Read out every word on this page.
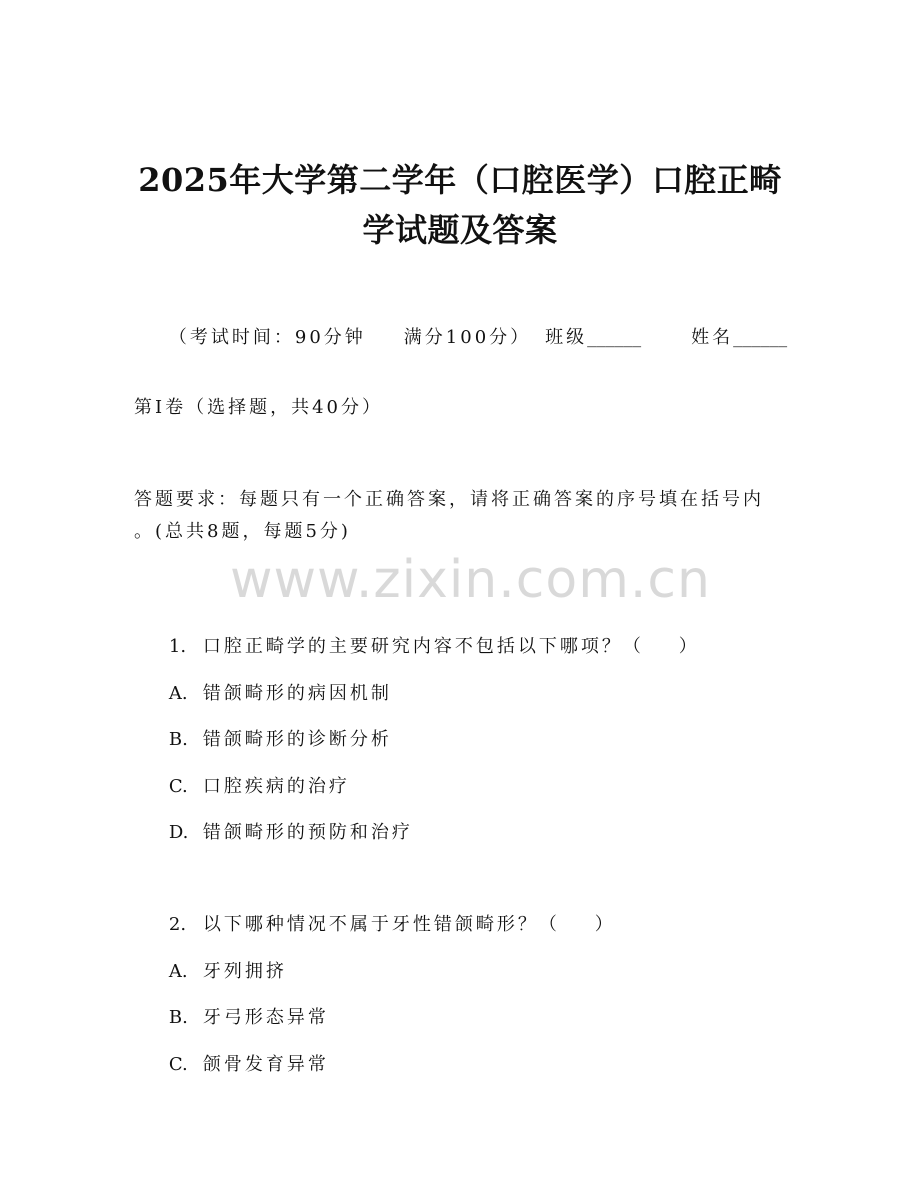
2025年大学第二学年（口腔医学）口腔正畸
学试题及答案

（考试时间：90分钟 满分100分） 班级______	姓名______

第Ⅰ卷（选择题，共40分）
答题要求：每题只有一个正确答案，请将正确答案的序号填在括号内
。(总共8题，每题5分)
www.zixin.com.cn

1. 口腔正畸学的主要研究内容不包括以下哪项？（    ）

A. 错颌畸形的病因机制

B. 错颌畸形的诊断分析

C. 口腔疾病的治疗

D. 错颌畸形的预防和治疗

2. 以下哪种情况不属于牙性错颌畸形？（    ）

A. 牙列拥挤

B. 牙弓形态异常

C. 颌骨发育异常
